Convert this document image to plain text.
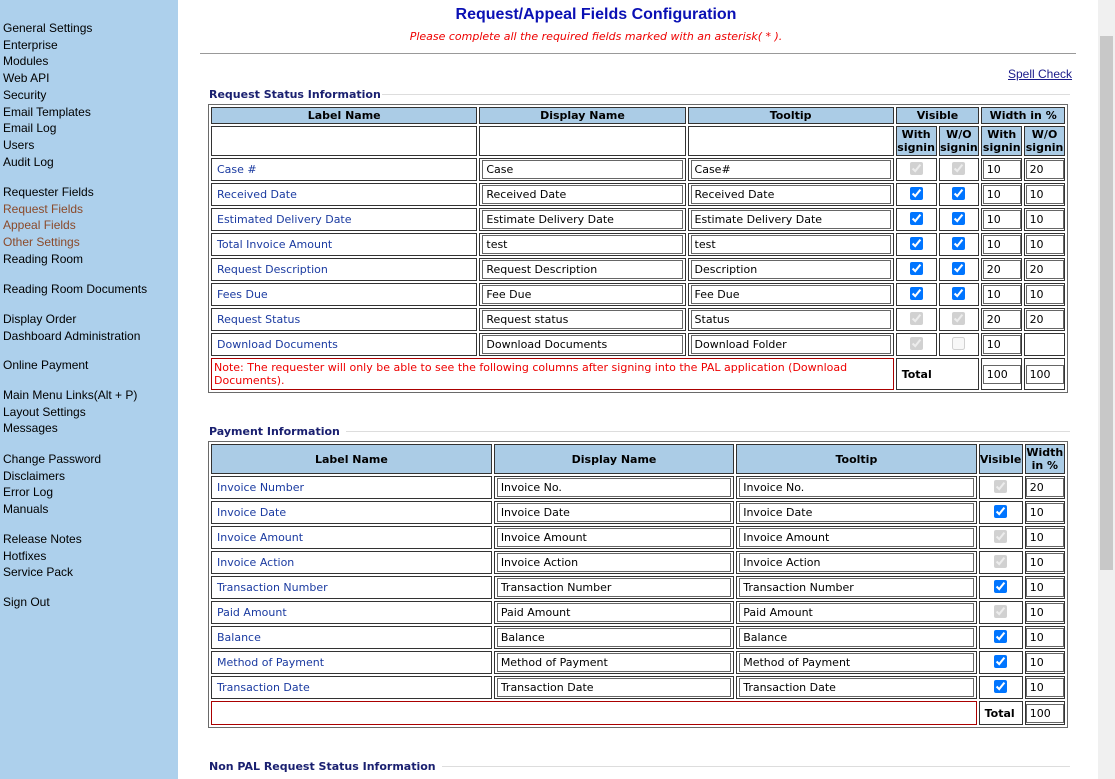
General Settings
Enterprise
Modules
Web API
Security
Email Templates
Email Log
Users
Audit Log
Requester Fields
Request Fields
Appeal Fields
Other Settings
Reading Room
Reading Room Documents
Display Order
Dashboard Administration
Online Payment
Main Menu Links(Alt + P)
Layout Settings
Messages
Change Password
Disclaimers
Error Log
Manuals
Release Notes
Hotfixes
Service Pack
Sign Out
Request/Appeal Fields Configuration
Please complete all the required fields marked with an asterisk( * ).
Spell Check
Request Status Information
Label Name	Display Name	Tooltip	Visible		Width in %	
			With signin	W/O signin	With signin	W/O signin
Case #	Case	Case#			10	20
Received Date	Received Date	Received Date			10	10
Estimated Delivery Date	Estimate Delivery Date	Estimate Delivery Date			10	10
Total Invoice Amount	test	test			10	10
Request Description	Request Description	Description			20	20
Fees Due	Fee Due	Fee Due			10	10
Request Status	Request status	Status			20	20
Download Documents	Download Documents	Download Folder			10	
Note: The requester will only be able to see the following columns after signing into the PAL application (Download Documents).			Total	100	100
Payment Information
Label Name	Display Name	Tooltip	Visible	Width in %
Invoice Number	Invoice No.	Invoice No.		20
Invoice Date	Invoice Date	Invoice Date		10
Invoice Amount	Invoice Amount	Invoice Amount		10
Invoice Action	Invoice Action	Invoice Action		10
Transaction Number	Transaction Number	Transaction Number		10
Paid Amount	Paid Amount	Paid Amount		10
Balance	Balance	Balance		10
Method of Payment	Method of Payment	Method of Payment		10
Transaction Date	Transaction Date	Transaction Date		10
			Total	100
Non PAL Request Status Information
